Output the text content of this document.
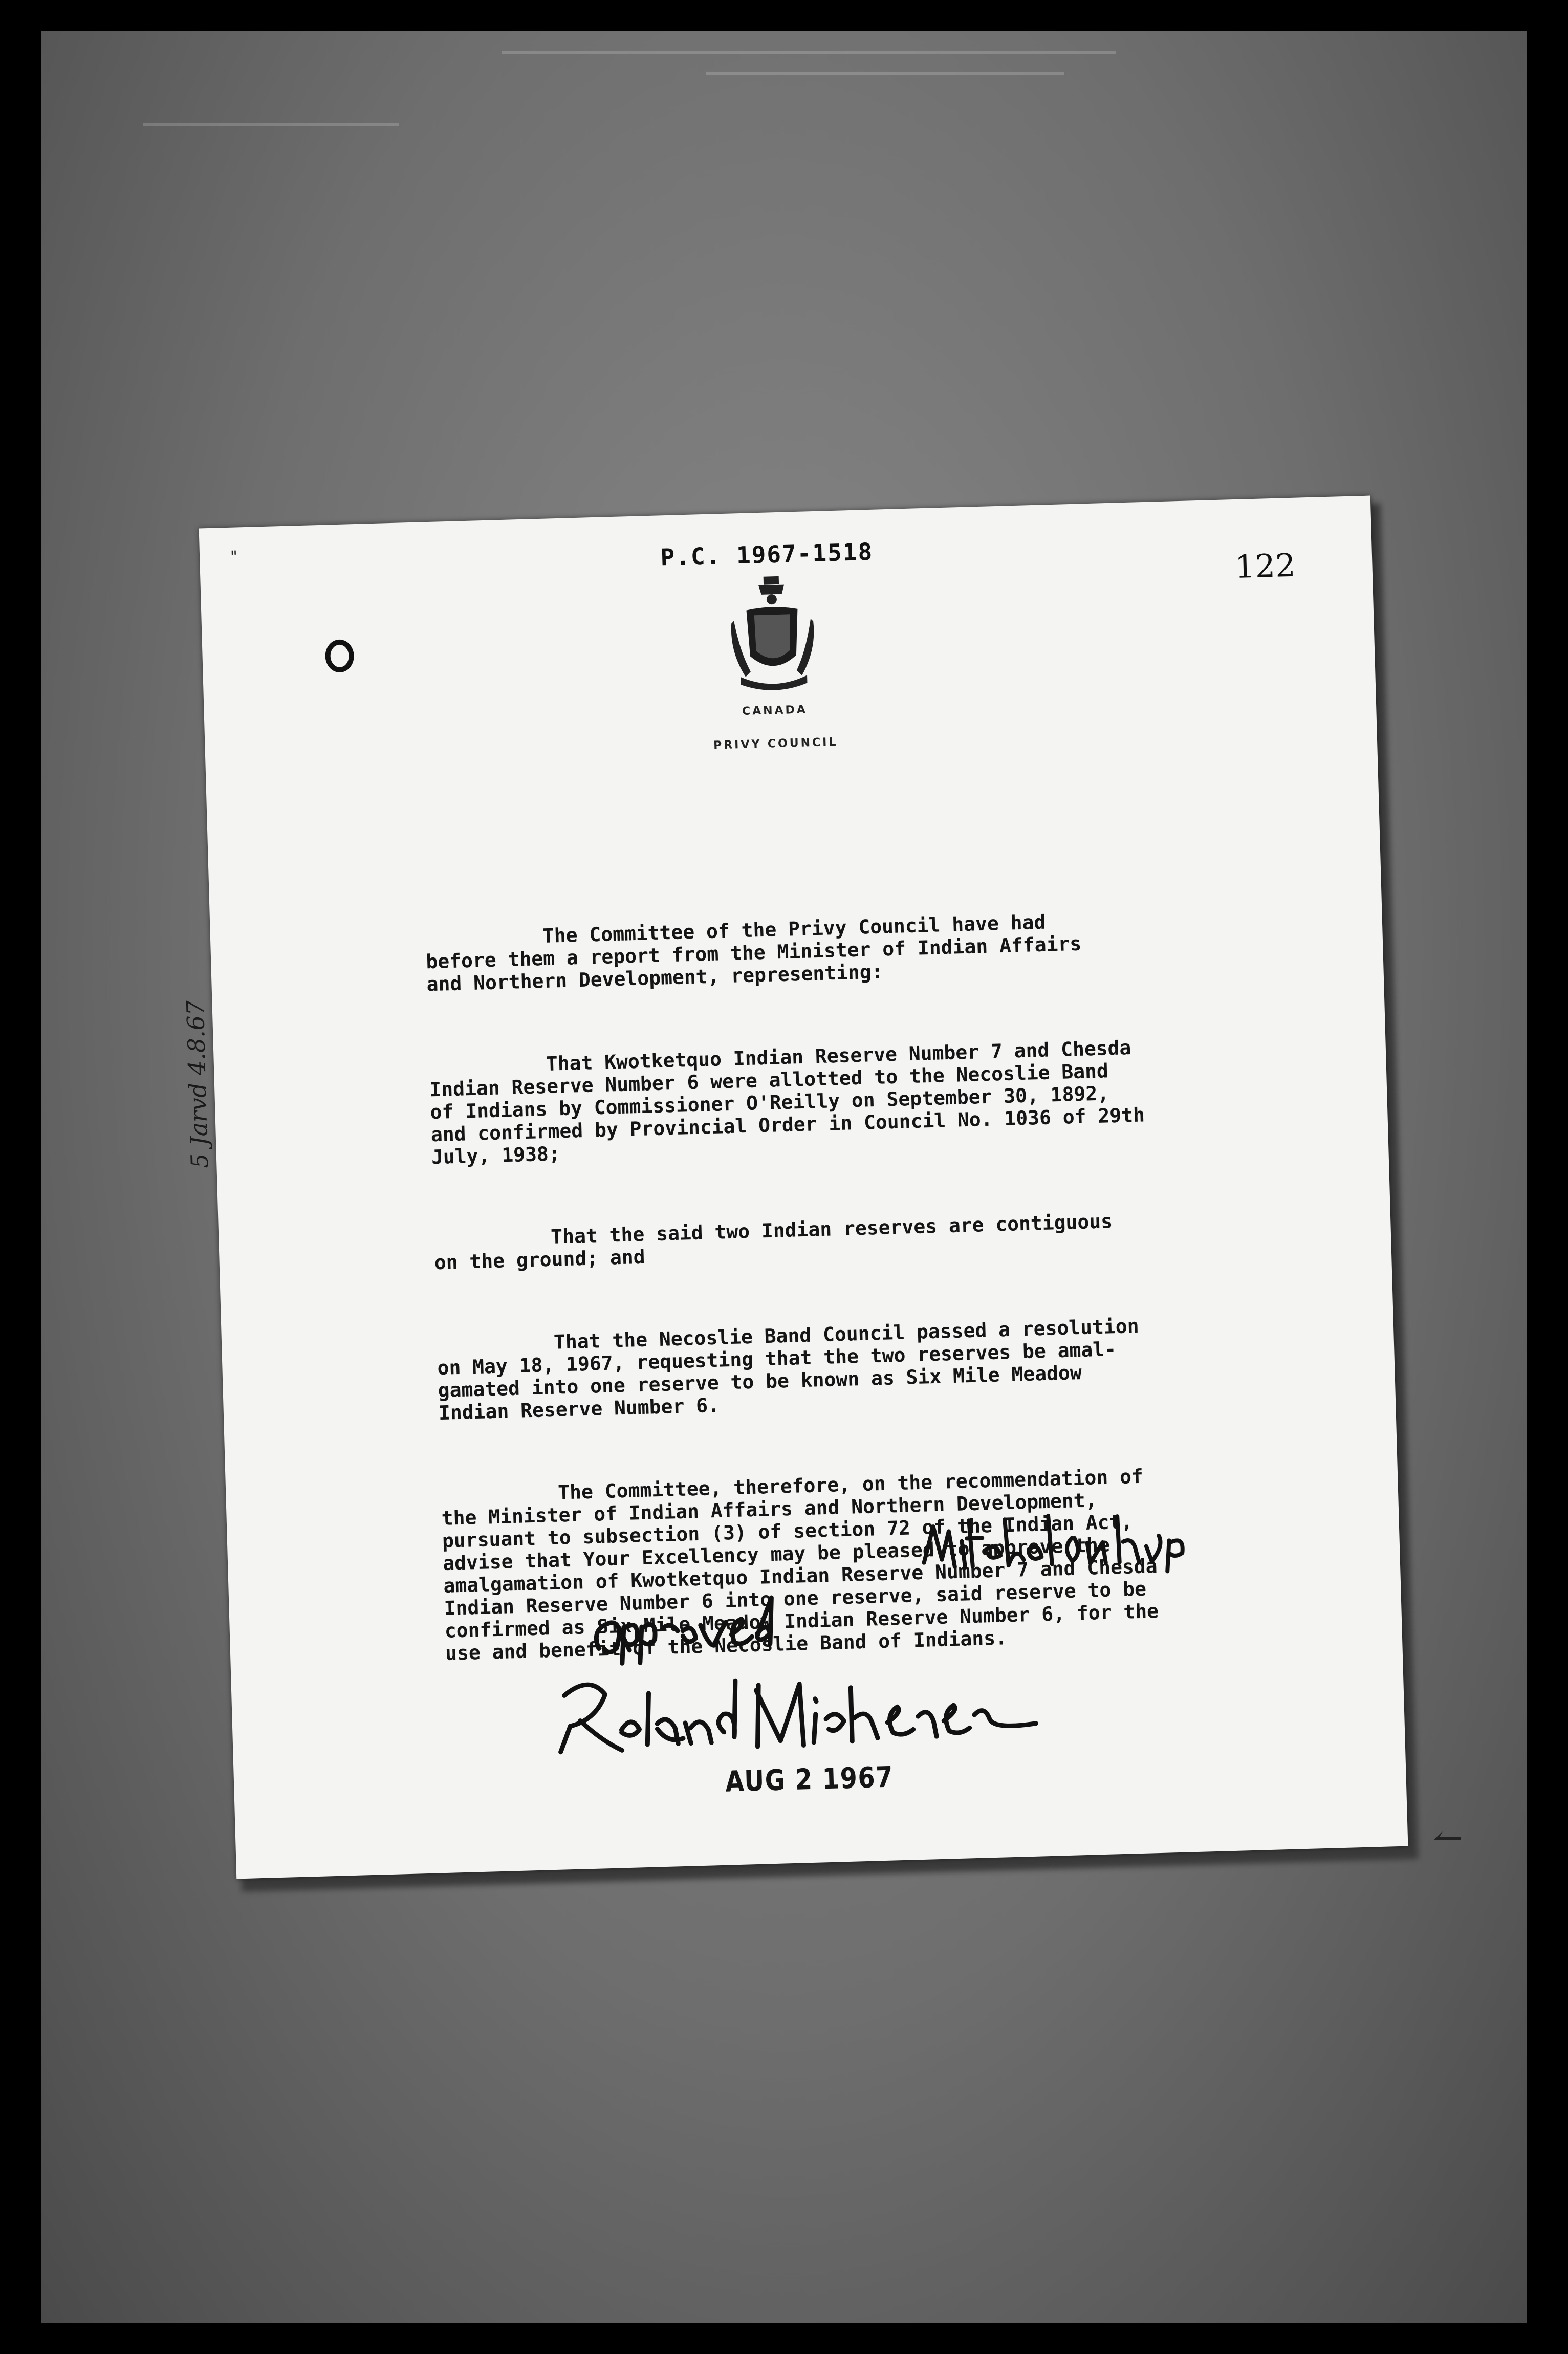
"	P.C. 1967-1518	122
CANADA
PRIVY COUNCIL

The Committee of the Privy Council have had
before them a report from the Minister of Indian Affairs
and Northern Development, representing:

That Kwotketquo Indian Reserve Number 7 and Chesda
Indian Reserve Number 6 were allotted to the Necoslie Band
of Indians by Commissioner O'Reilly on September 30, 1892,
and confirmed by Provincial Order in Council No. 1036 of 29th
July, 1938;

That the said two Indian reserves are contiguous
on the ground; and

That the Necoslie Band Council passed a resolution
on May 18, 1967, requesting that the two reserves be amal-
gamated into one reserve to be known as Six Mile Meadow
Indian Reserve Number 6.

The Committee, therefore, on the recommendation of
the Minister of Indian Affairs and Northern Development,
pursuant to subsection (3) of section 72 of the Indian Act,
advise that Your Excellency may be pleased to approve the
amalgamation of Kwotketquo Indian Reserve Number 7 and Chesda
Indian Reserve Number 6 into one reserve, said reserve to be
confirmed as Six Mile Meadow Indian Reserve Number 6, for the
use and benefit of the Necoslie Band of Indians.

5 Jarvd 4.8.67
AUG 2 1967
↼
